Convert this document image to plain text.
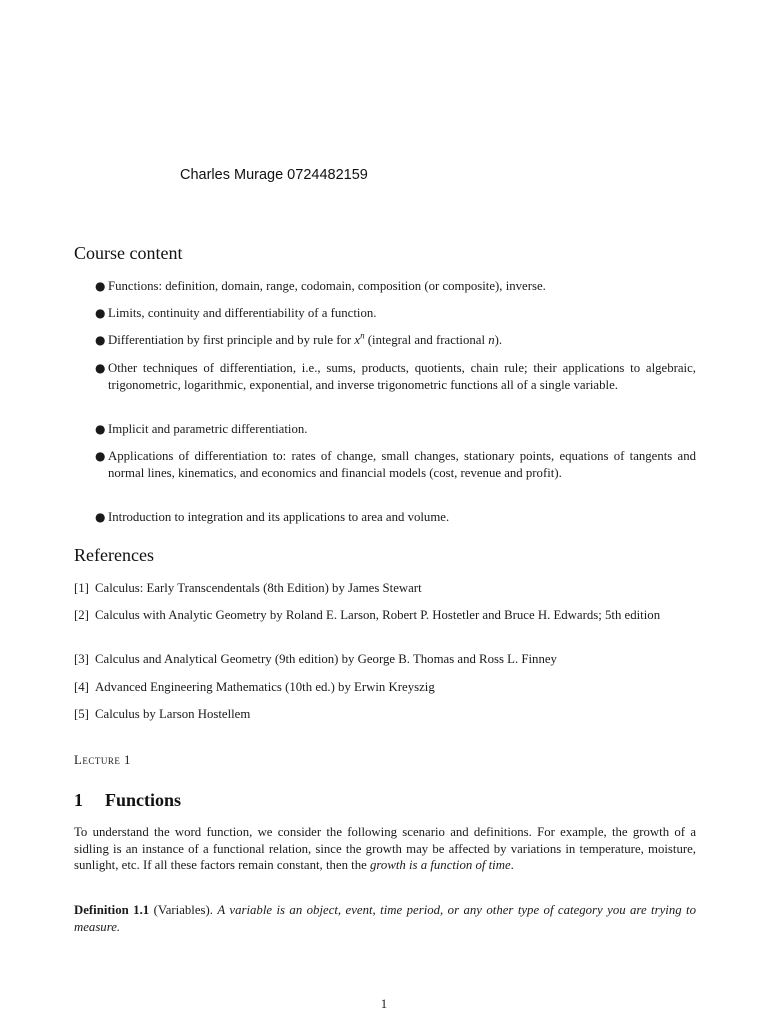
Charles Murage 0724482159
Course content
● Functions: definition, domain, range, codomain, composition (or composite), inverse.
● Limits, continuity and differentiability of a function.
● Differentiation by first principle and by rule for $x^n$ (integral and fractional n).
● Other techniques of differentiation, i.e., sums, products, quotients, chain rule; their applications to algebraic, trigonometric, logarithmic, exponential, and inverse trigonometric functions all of a single variable.
● Implicit and parametric differentiation.
● Applications of differentiation to: rates of change, small changes, stationary points, equations of tangents and normal lines, kinematics, and economics and financial models (cost, revenue and profit).
● Introduction to integration and its applications to area and volume.
References
[1] Calculus: Early Transcendentals (8th Edition) by James Stewart
[2] Calculus with Analytic Geometry by Roland E. Larson, Robert P. Hostetler and Bruce H. Edwards; 5th edition
[3] Calculus and Analytical Geometry (9th edition) by George B. Thomas and Ross L. Finney
[4] Advanced Engineering Mathematics (10th ed.) by Erwin Kreyszig
[5] Calculus by Larson Hostellem
Lecture 1
1 Functions
To understand the word function, we consider the following scenario and definitions. For example, the growth of a sidling is an instance of a functional relation, since the growth may be affected by variations in temperature, moisture, sunlight, etc. If all these factors remain constant, then the growth is a function of time.
Definition 1.1 (Variables). A variable is an object, event, time period, or any other type of category you are trying to measure.
1
